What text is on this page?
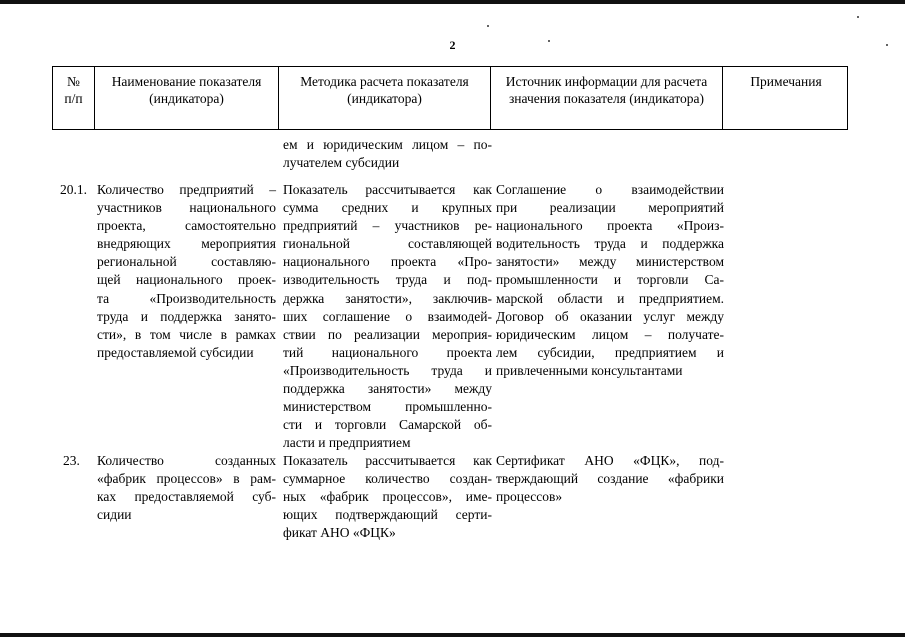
2
№ п/п
Наименование показателя (индикатора)
Методика расчета показателя (индикатора)
Источник информации для расчета значения показателя (индикатора)
Примечания
ем и юридическим лицом – по-
лучателем субсидии
20.1. Количество предприятий –
участников национального
проекта, самостоятельно
внедряющих мероприятия
региональной составляю-
щей национального проек-
та «Производительность
труда и поддержка занято-
сти», в том числе в рамках
предоставляемой субсидии
Показатель рассчитывается как
сумма средних и крупных
предприятий – участников ре-
гиональной составляющей
национального проекта «Про-
изводительность труда и под-
держка занятости», заключив-
ших соглашение о взаимодей-
ствии по реализации мероприя-
тий национального проекта
«Производительность труда и
поддержка занятости» между
министерством промышленно-
сти и торговли Самарской об-
ласти и предприятием
Соглашение о взаимодействии
при реализации мероприятий
национального проекта «Произ-
водительность труда и поддержка
занятости» между министерством
промышленности и торговли Са-
марской области и предприятием.
Договор об оказании услуг между
юридическим лицом – получате-
лем субсидии, предприятием и
привлеченными консультантами
23. Количество созданных
«фабрик процессов» в рам-
ках предоставляемой суб-
сидии
Показатель рассчитывается как
суммарное количество создан-
ных «фабрик процессов», име-
ющих подтверждающий серти-
фикат АНО «ФЦК»
Сертификат АНО «ФЦК», под-
тверждающий создание «фабрики
процессов»
